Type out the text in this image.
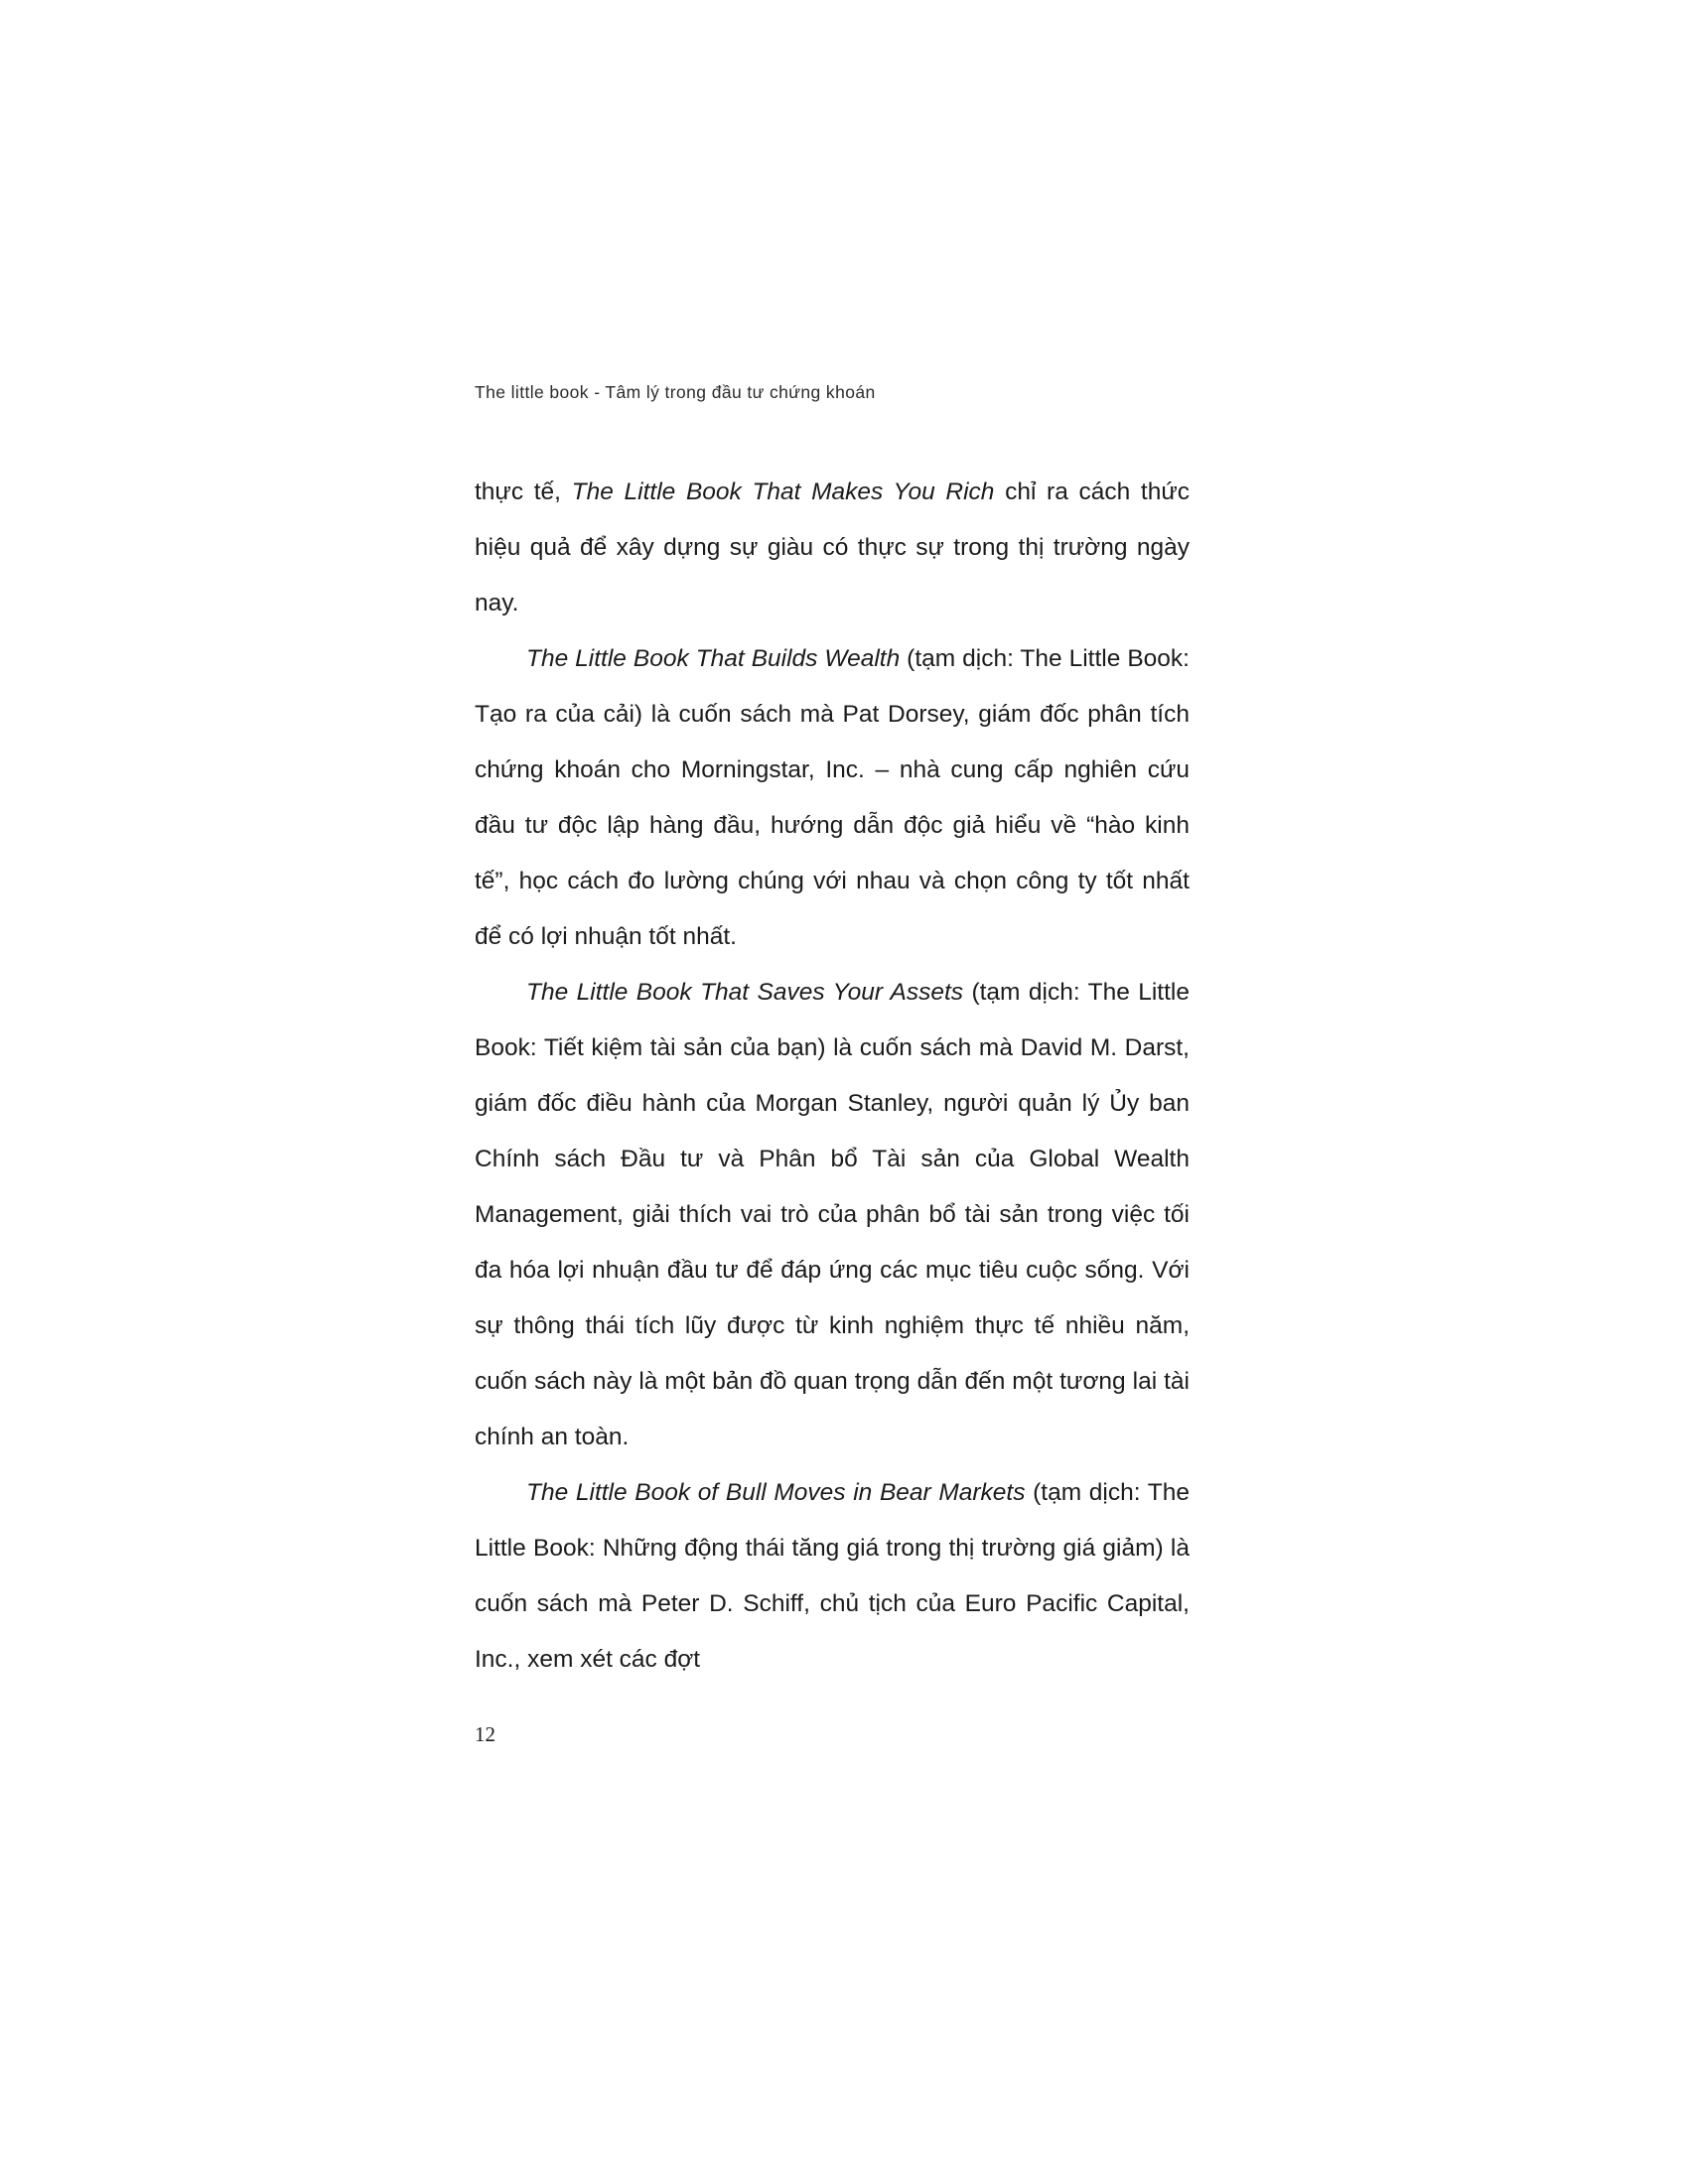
The little book - Tâm lý trong đầu tư chứng khoán

thực tế, The Little Book That Makes You Rich chỉ ra cách thức hiệu quả để xây dựng sự giàu có thực sự trong thị trường ngày nay.

The Little Book That Builds Wealth (tạm dịch: The Little Book: Tạo ra của cải) là cuốn sách mà Pat Dorsey, giám đốc phân tích chứng khoán cho Morningstar, Inc. – nhà cung cấp nghiên cứu đầu tư độc lập hàng đầu, hướng dẫn độc giả hiểu về “hào kinh tế”, học cách đo lường chúng với nhau và chọn công ty tốt nhất để có lợi nhuận tốt nhất.

The Little Book That Saves Your Assets (tạm dịch: The Little Book: Tiết kiệm tài sản của bạn) là cuốn sách mà David M. Darst, giám đốc điều hành của Morgan Stanley, người quản lý Ủy ban Chính sách Đầu tư và Phân bổ Tài sản của Global Wealth Management, giải thích vai trò của phân bổ tài sản trong việc tối đa hóa lợi nhuận đầu tư để đáp ứng các mục tiêu cuộc sống. Với sự thông thái tích lũy được từ kinh nghiệm thực tế nhiều năm, cuốn sách này là một bản đồ quan trọng dẫn đến một tương lai tài chính an toàn.

The Little Book of Bull Moves in Bear Markets (tạm dịch: The Little Book: Những động thái tăng giá trong thị trường giá giảm) là cuốn sách mà Peter D. Schiff, chủ tịch của Euro Pacific Capital, Inc., xem xét các đợt

12
